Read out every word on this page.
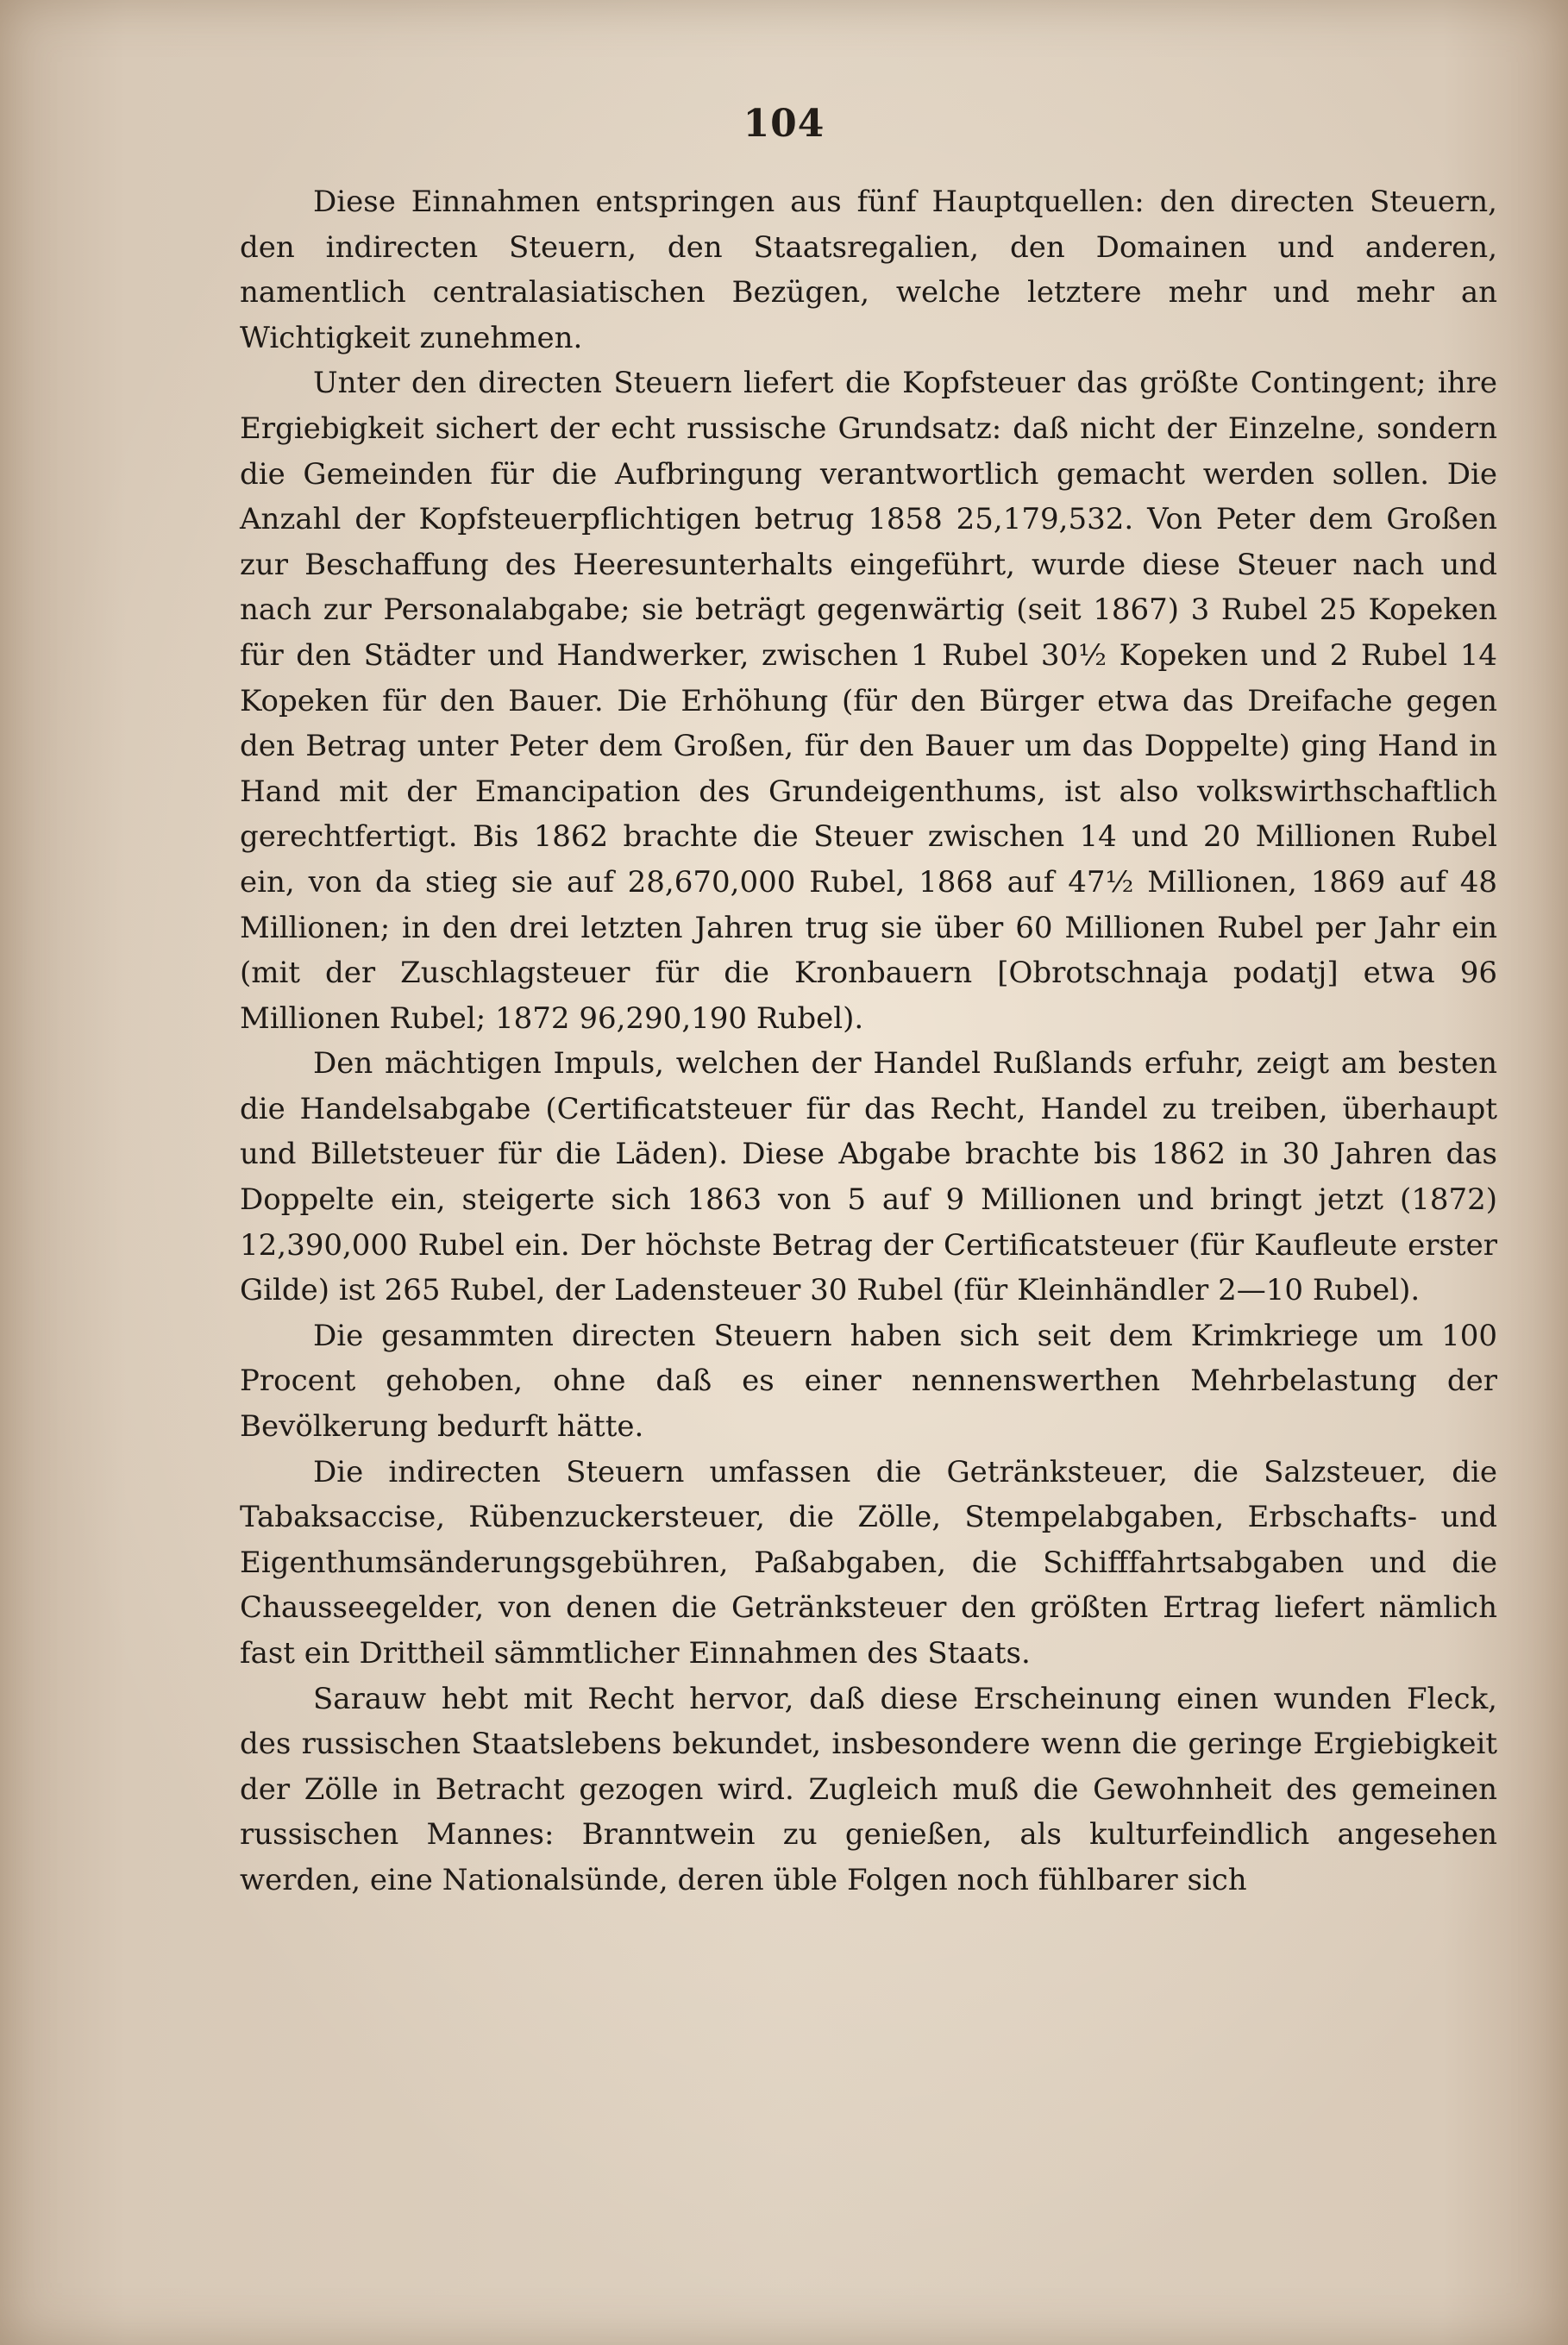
104

Diese Einnahmen entspringen aus fünf Hauptquellen: den directen Steuern, den indirecten Steuern, den Staatsregalien, den Domainen und anderen, namentlich centralasiatischen Bezügen, welche letztere mehr und mehr an Wichtigkeit zunehmen.

Unter den directen Steuern liefert die Kopfsteuer das größte Contingent; ihre Ergiebigkeit sichert der echt russische Grundsatz: daß nicht der Einzelne, sondern die Gemeinden für die Aufbringung verantwortlich gemacht werden sollen. Die Anzahl der Kopfsteuerpflichtigen betrug 1858 25,179,532. Von Peter dem Großen zur Beschaffung des Heeresunterhalts eingeführt, wurde diese Steuer nach und nach zur Personalabgabe; sie beträgt gegenwärtig (seit 1867) 3 Rubel 25 Kopeken für den Städter und Handwerker, zwischen 1 Rubel 30½ Kopeken und 2 Rubel 14 Kopeken für den Bauer. Die Erhöhung (für den Bürger etwa das Dreifache gegen den Betrag unter Peter dem Großen, für den Bauer um das Doppelte) ging Hand in Hand mit der Emancipation des Grundeigenthums, ist also volkswirthschaftlich gerechtfertigt. Bis 1862 brachte die Steuer zwischen 14 und 20 Millionen Rubel ein, von da stieg sie auf 28,670,000 Rubel, 1868 auf 47½ Millionen, 1869 auf 48 Millionen; in den drei letzten Jahren trug sie über 60 Millionen Rubel per Jahr ein (mit der Zuschlagsteuer für die Kronbauern [Obrotschnaja podatj] etwa 96 Millionen Rubel; 1872 96,290,190 Rubel).

Den mächtigen Impuls, welchen der Handel Rußlands erfuhr, zeigt am besten die Handelsabgabe (Certificatsteuer für das Recht, Handel zu treiben, überhaupt und Billetsteuer für die Läden). Diese Abgabe brachte bis 1862 in 30 Jahren das Doppelte ein, steigerte sich 1863 von 5 auf 9 Millionen und bringt jetzt (1872) 12,390,000 Rubel ein. Der höchste Betrag der Certificatsteuer (für Kaufleute erster Gilde) ist 265 Rubel, der Ladensteuer 30 Rubel (für Kleinhändler 2—10 Rubel).

Die gesammten directen Steuern haben sich seit dem Krimkriege um 100 Procent gehoben, ohne daß es einer nennenswerthen Mehrbelastung der Bevölkerung bedurft hätte.

Die indirecten Steuern umfassen die Getränksteuer, die Salzsteuer, die Tabaksaccise, Rübenzuckersteuer, die Zölle, Stempelabgaben, Erbschafts- und Eigenthumsänderungsgebühren, Paßabgaben, die Schifffahrtsabgaben und die Chausseegelder, von denen die Getränksteuer den größten Ertrag liefert nämlich fast ein Drittheil sämmtlicher Einnahmen des Staats.

Sarauw hebt mit Recht hervor, daß diese Erscheinung einen wunden Fleck, des russischen Staatslebens bekundet, insbesondere wenn die geringe Ergiebigkeit der Zölle in Betracht gezogen wird. Zugleich muß die Gewohnheit des gemeinen russischen Mannes: Branntwein zu genießen, als kulturfeindlich angesehen werden, eine Nationalsünde, deren üble Folgen noch fühlbarer sich
